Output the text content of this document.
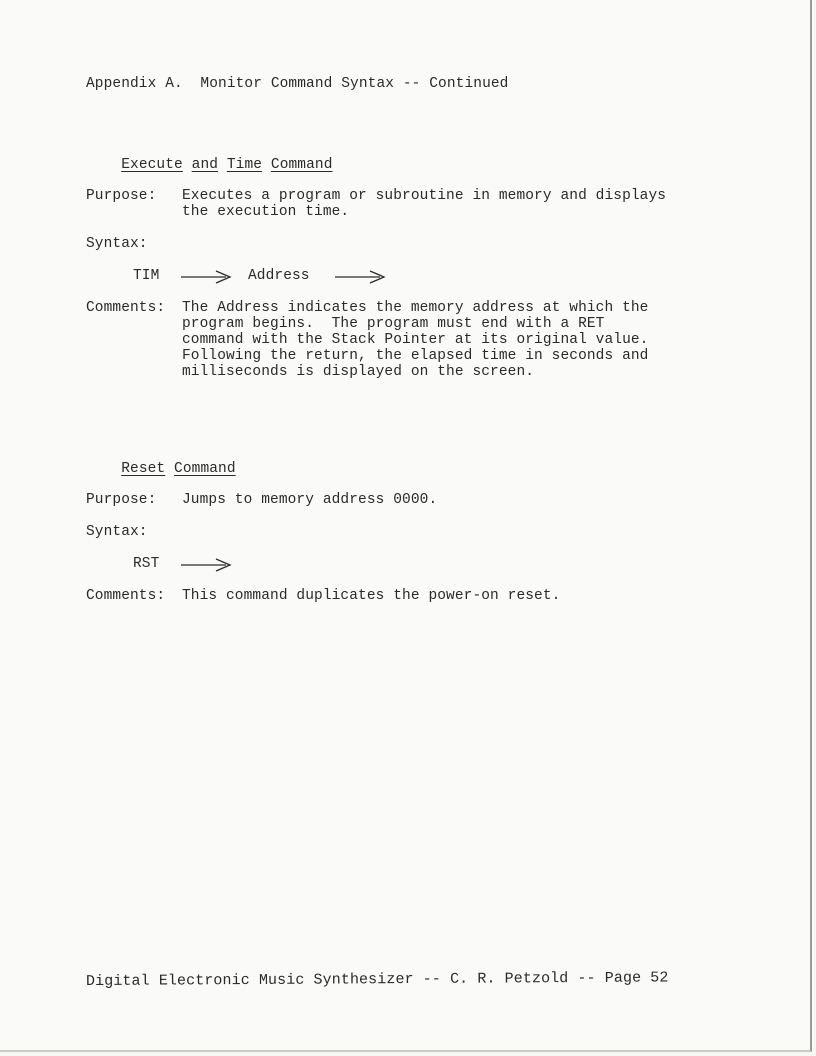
Appendix A.  Monitor Command Syntax -- Continued

Execute and Time Command

Purpose: Executes a program or subroutine in memory and displays
the execution time.
Syntax:
TIM	Address
Comments: The Address indicates the memory address at which the
program begins.  The program must end with a RET
command with the Stack Pointer at its original value.
Following the return, the elapsed time in seconds and
milliseconds is displayed on the screen.

Reset Command

Purpose: Jumps to memory address 0000.
Syntax:
RST
Comments: This command duplicates the power-on reset.
Digital Electronic Music Synthesizer -- C. R. Petzold -- Page 52
